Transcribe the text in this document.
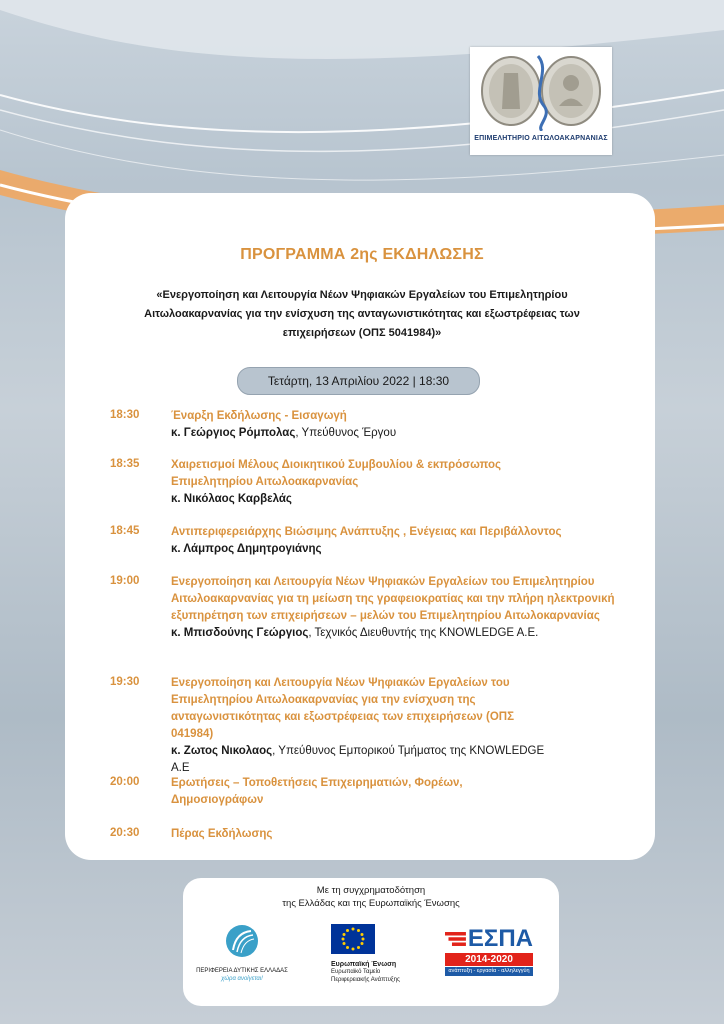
ΕΠΙΜΕΛΗΤΗΡΙΟ ΑΙΤΩΛΟΑΚΑΡΝΑΝΙΑΣ
ΠΡΟΓΡΑΜΜΑ 2ης ΕΚΔΗΛΩΣΗΣ
«Ενεργοποίηση και Λειτουργία Νέων Ψηφιακών Εργαλείων του Επιμελητηρίου Αιτωλοακαρνανίας για την ενίσχυση της ανταγωνιστικότητας και εξωστρέφειας των επιχειρήσεων (ΟΠΣ 5041984)»
Τετάρτη, 13 Απριλίου 2022 | 18:30
18:30	Έναρξη Εκδήλωσης - Εισαγωγή
κ. Γεώργιος Ρόμπολας, Υπεύθυνος Έργου
18:35	Χαιρετισμοί Μέλους Διοικητικού Συμβουλίου & εκπρόσωπος Επιμελητηρίου Αιτωλοακαρνανίας
κ. Νικόλαος Καρβελάς
18:45	Αντιπεριφερειάρχης Βιώσιμης Ανάπτυξης , Ενέγειας και Περιβάλλοντος
κ. Λάμπρος Δημητρογιάνης
19:00	Ενεργοποίηση και Λειτουργία Νέων Ψηφιακών Εργαλείων του Επιμελητηρίου Αιτωλοακαρνανίας για τη μείωση της γραφειοκρατίας και την πλήρη ηλεκτρονική εξυπηρέτηση των επιχειρήσεων – μελών του Επιμελητηρίου Αιτωλοκαρνανίας
κ. Μπισδούνης Γεώργιος, Τεχνικός Διευθυντής της KNOWLEDGE A.E.
19:30	Ενεργοποίηση και Λειτουργία Νέων Ψηφιακών Εργαλείων του Επιμελητηρίου Αιτωλοακαρνανίας για την ενίσχυση της ανταγωνιστικότητας και εξωστρέφειας των επιχειρήσεων (ΟΠΣ 041984)
κ. Ζωτος Νικολαος, Υπεύθυνος Εμπορικού Τμήματος της KNOWLEDGE A.E
20:00	Ερωτήσεις – Τοποθετήσεις Επιχειρηματιών, Φορέων, Δημοσιογράφων
20:30	Πέρας Εκδήλωσης
Με τη συγχρηματοδότηση
της Ελλάδας και της Ευρωπαϊκής Ένωσης
ΠΕΡΙΦΕΡΕΙΑ ΔΥΤΙΚΗΣ ΕΛΛΑΔΑΣ
χώρα ανοίγεται!
Ευρωπαϊκή Ένωση
Ευρωπαϊκό Ταμείο
Περιφερειακής Ανάπτυξης
ΕΣΠΑ
2014-2020
ανάπτυξη - εργασία - αλληλεγγύη
